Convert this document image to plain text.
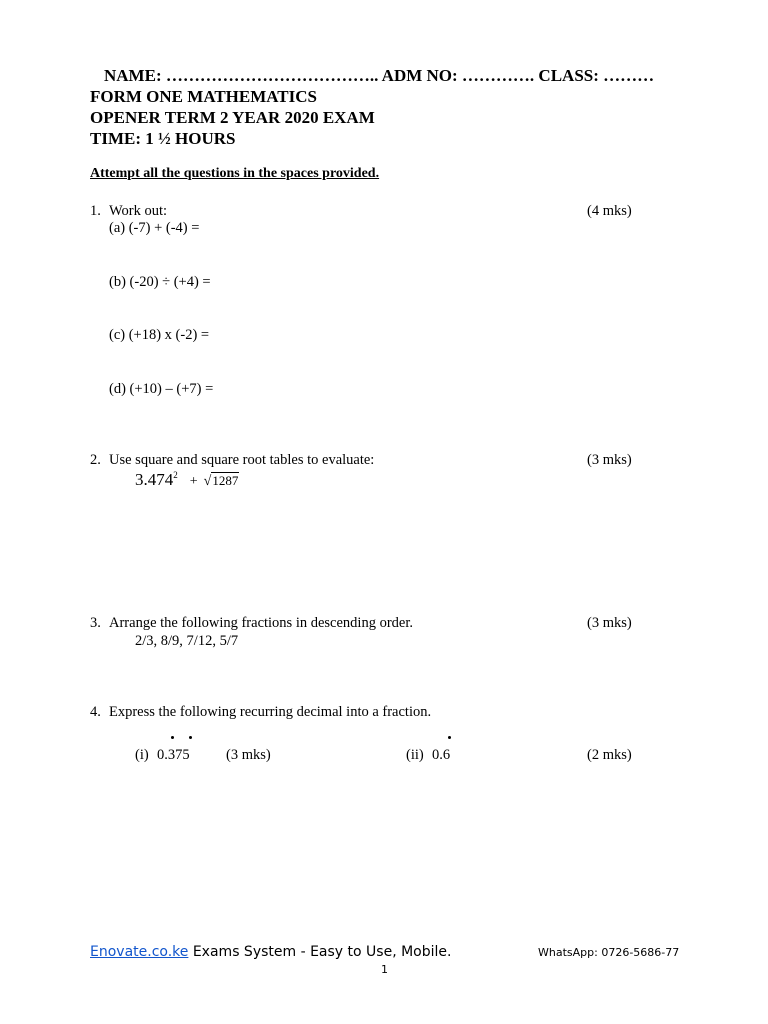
NAME: ……………………………….. ADM NO: …………. CLASS: ………
FORM ONE MATHEMATICS
OPENER TERM 2 YEAR 2020 EXAM
TIME: 1 ½ HOURS
Attempt all the questions in the spaces provided.
1. Work out:	(4 mks)
(a) (-7) + (-4) =
(b) (-20) ÷ (+4) =
(c) (+18) x (-2) =
(d) (+10) – (+7) =
2. Use square and square root tables to evaluate:	(3 mks)
$3.474^2 + √1287$
3. Arrange the following fractions in descending order.	(3 mks)
2/3, 8/9, 7/12, 5/7
4. Express the following recurring decimal into a fraction.
(i) 0.375	(3 mks)	(ii) 0.6	(2 mks)
Enovate.co.ke Exams System - Easy to Use, Mobile.	WhatsApp: 0726-5686-77
1
